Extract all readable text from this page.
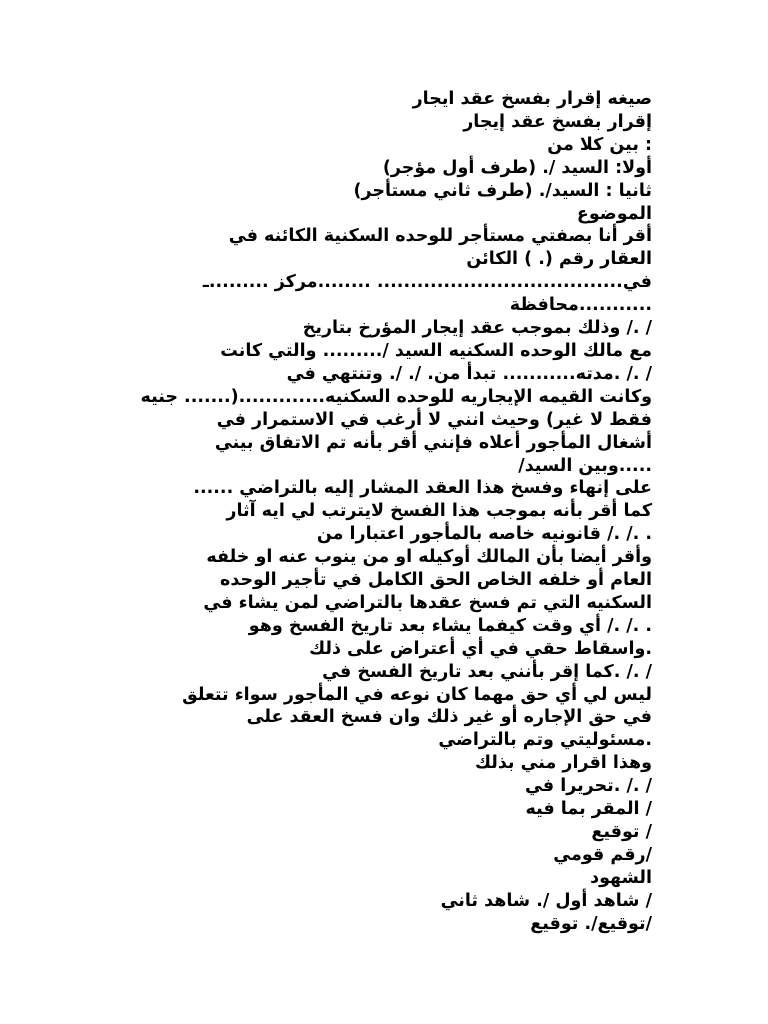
صيغه إقرار بفسخ عقد ايجار
إقرار بفسخ عقد إيجار
: بين كلا من
أولا: السيد /. (طرف أول مؤجر)
ثانيا : السيد/. (طرف ثاني مستأجر)
الموضوع
أقر أنا بصفتي مستأجر للوحده السكنية الكائنه في
العقار رقم (. ) الكائن
في..................................... ........مركز .........ـ
...........محافظة
/ ./ وذلك بموجب عقد إيجار المؤرخ بتاريخ
مع مالك الوحده السكنيه السيد /......... والتي كانت
/ ./ .مدته........... تبدأ من. /. /. وتنتهي في
وكانت القيمه الإيجاريه للوحده السكنيه.............(....... جنيه
فقط لا غير) وحيث انني لا أرغب في الاستمرار في
أشغال المأجور أعلاه فإنني أقر بأنه تم الاتفاق بيني
.....وبين السيد/
على إنهاء وفسخ هذا العقد المشار إليه بالتراضي ......
كما أقر بأنه بموجب هذا الفسخ لايترتب لي ايه آثار
. ./ ./ قانونيه خاصه بالمأجور اعتبارا من
وأقر أيضا بأن المالك أوكيله او من ينوب عنه او خلفه
العام أو خلفه الخاص الحق الكامل في تأجير الوحده
السكنيه التي تم فسخ عقدها بالتراضي لمن يشاء في
. ./ ./ أي وقت كيفما يشاء بعد تاريخ الفسخ وهو
.واسقاط حقي في أي أعتراض على ذلك
/ ./ .كما إقر بأنني بعد تاريخ الفسخ في
ليس لي أي حق مهما كان نوعه في المأجور سواء تتعلق
في حق الإجاره أو غير ذلك وان فسخ العقد على
.مسئوليتي وتم بالتراضي
وهذا اقرار مني بذلك
/ ./ .تحريرا في
/ المقر بما فيه
/ توقيع
/رقم قومي
الشهود
/ شاهد أول /. شاهد ثاني
/توقيع/. توقيع
